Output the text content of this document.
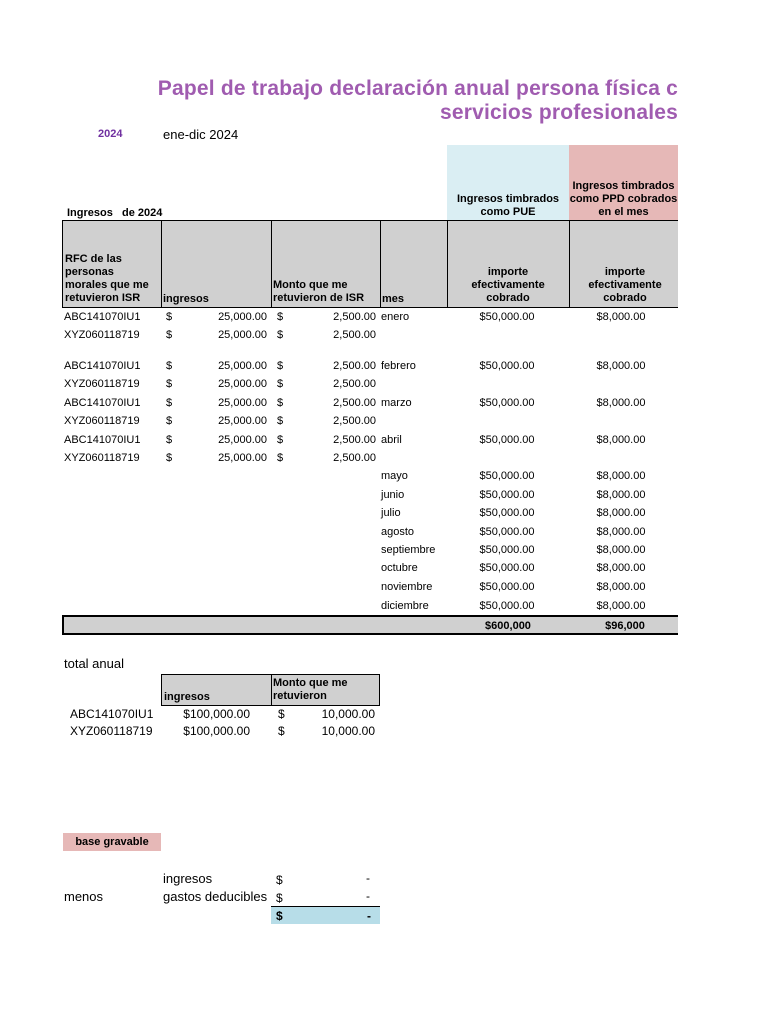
Papel de trabajo declaración anual persona física c
servicios profesionales
2024	ene-dic 2024
Ingresos timbrados como PUE
Ingresos timbrados como PPD cobrados en el mes
Ingresos   de 2024
RFC de las personas morales que me retuvieron ISR	ingresos
Monto que me retuvieron de ISR	mes
importe efectivamente cobrado
importe efectivamente cobrado
ABC141070IU1 $	25,000.00 $	2,500.00 enero	$50,000.00	$8,000.00
XYZ060118719 $	25,000.00 $	2,500.00
ABC141070IU1 $	25,000.00 $	2,500.00 febrero	$50,000.00	$8,000.00
XYZ060118719 $	25,000.00 $	2,500.00
ABC141070IU1 $	25,000.00 $	2,500.00 marzo	$50,000.00	$8,000.00
XYZ060118719 $	25,000.00 $	2,500.00
ABC141070IU1 $	25,000.00 $	2,500.00 abril	$50,000.00	$8,000.00
XYZ060118719 $	25,000.00 $	2,500.00
mayo	$50,000.00	$8,000.00
junio	$50,000.00	$8,000.00
julio	$50,000.00	$8,000.00
agosto	$50,000.00	$8,000.00
septiembre	$50,000.00	$8,000.00
octubre	$50,000.00	$8,000.00
noviembre	$50,000.00	$8,000.00
diciembre	$50,000.00	$8,000.00
$600,000	$96,000
total anual
ingresos
Monto que me retuvieron
ABC141070IU1	$100,000.00 $	10,000.00
XYZ060118719	$100,000.00 $	10,000.00
base gravable
ingresos	$	-
menos	gastos deducibles $	-
$	-
